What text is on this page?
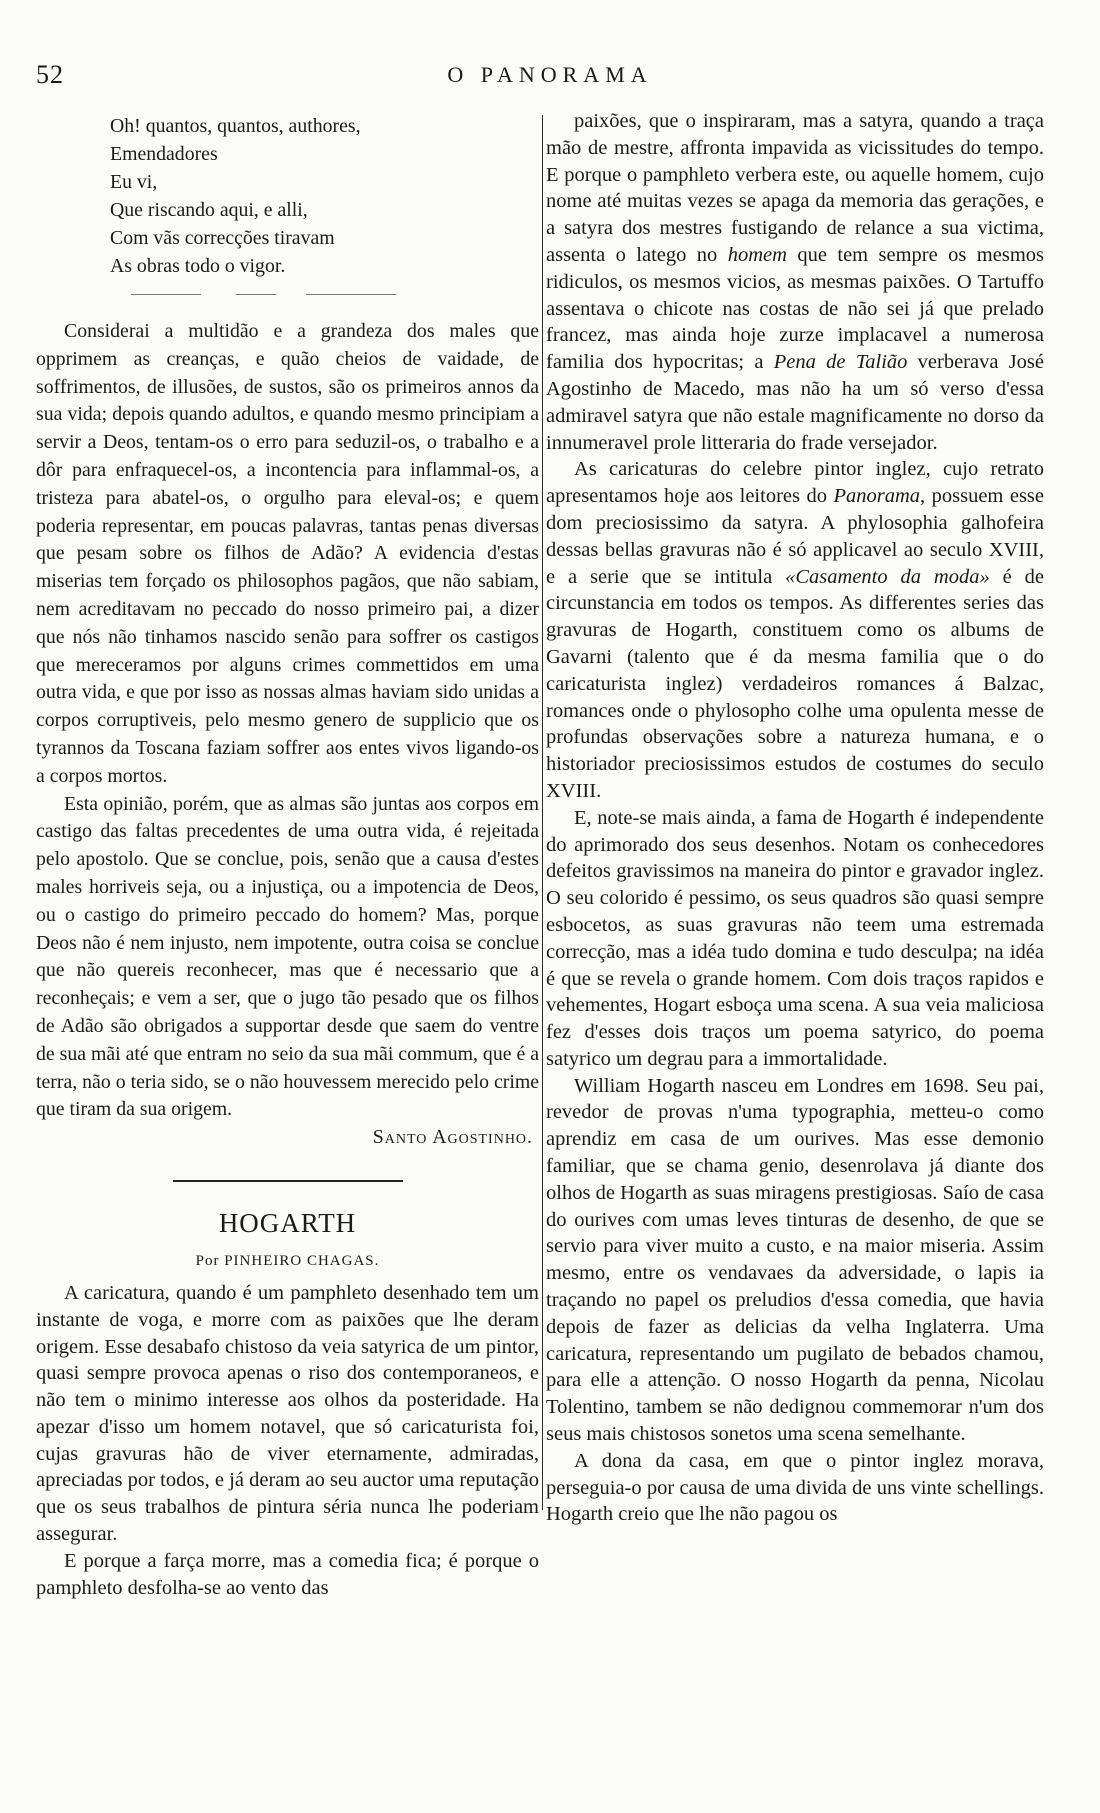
52	O PANORAMA
Oh! quantos, quantos, authores,
Emendadores
Eu vi,
Que riscando aqui, e alli,
Com vãs correcções tiravam
As obras todo o vigor.

Considerai a multidão e a grandeza dos males que opprimem as creanças, e quão cheios de vaidade, de soffrimentos, de illusões, de sustos, são os primeiros annos da sua vida; depois quando adultos, e quando mesmo principiam a servir a Deos, tentam-os o erro para seduzil-os, o trabalho e a dôr para enfraquecel-os, a incontencia para inflammal-os, a tristeza para abatel-os, o orgulho para eleval-os; e quem poderia representar, em poucas palavras, tantas penas diversas que pesam sobre os filhos de Adão? A evidencia d'estas miserias tem forçado os philosophos pagãos, que não sabiam, nem acreditavam no peccado do nosso primeiro pai, a dizer que nós não tinhamos nascido senão para soffrer os castigos que mereceramos por alguns crimes commettidos em uma outra vida, e que por isso as nossas almas haviam sido unidas a corpos corruptiveis, pelo mesmo genero de supplicio que os tyrannos da Toscana faziam soffrer aos entes vivos ligando-os a corpos mortos.

Esta opinião, porém, que as almas são juntas aos corpos em castigo das faltas precedentes de uma outra vida, é rejeitada pelo apostolo. Que se conclue, pois, senão que a causa d'estes males horriveis seja, ou a injustiça, ou a impotencia de Deos, ou o castigo do primeiro peccado do homem? Mas, porque Deos não é nem injusto, nem impotente, outra coisa se conclue que não quereis reconhecer, mas que é necessario que a reconheçais; e vem a ser, que o jugo tão pesado que os filhos de Adão são obrigados a supportar desde que saem do ventre de sua mãi até que entram no seio da sua mãi commum, que é a terra, não o teria sido, se o não houvessem merecido pelo crime que tiram da sua origem.

Santo Agostinho.
HOGARTH
Por PINHEIRO CHAGAS.

A caricatura, quando é um pamphleto desenhado tem um instante de voga, e morre com as paixões que lhe deram origem. Esse desabafo chistoso da veia satyrica de um pintor, quasi sempre provoca apenas o riso dos contemporaneos, e não tem o minimo interesse aos olhos da posteridade. Ha apezar d'isso um homem notavel, que só caricaturista foi, cujas gravuras hão de viver eternamente, admiradas, apreciadas por todos, e já deram ao seu auctor uma reputação que os seus trabalhos de pintura séria nunca lhe poderiam assegurar.

E porque a farça morre, mas a comedia fica; é porque o pamphleto desfolha-se ao vento das

paixões, que o inspiraram, mas a satyra, quando a traça mão de mestre, affronta impavida as vicissitudes do tempo. E porque o pamphleto verbera este, ou aquelle homem, cujo nome até muitas vezes se apaga da memoria das gerações, e a satyra dos mestres fustigando de relance a sua victima, assenta o latego no homem que tem sempre os mesmos ridiculos, os mesmos vicios, as mesmas paixões. O Tartuffo assentava o chicote nas costas de não sei já que prelado francez, mas ainda hoje zurze implacavel a numerosa familia dos hypocritas; a Pena de Talião verberava José Agostinho de Macedo, mas não ha um só verso d'essa admiravel satyra que não estale magnificamente no dorso da innumeravel prole litteraria do frade versejador.

As caricaturas do celebre pintor inglez, cujo retrato apresentamos hoje aos leitores do Panorama, possuem esse dom preciosissimo da satyra. A phylosophia galhofeira dessas bellas gravuras não é só applicavel ao seculo XVIII, e a serie que se intitula «Casamento da moda» é de circunstancia em todos os tempos. As differentes series das gravuras de Hogarth, constituem como os albums de Gavarni (talento que é da mesma familia que o do caricaturista inglez) verdadeiros romances á Balzac, romances onde o phylosopho colhe uma opulenta messe de profundas observações sobre a natureza humana, e o historiador preciosissimos estudos de costumes do seculo XVIII.

E, note-se mais ainda, a fama de Hogarth é independente do aprimorado dos seus desenhos. Notam os conhecedores defeitos gravissimos na maneira do pintor e gravador inglez. O seu colorido é pessimo, os seus quadros são quasi sempre esbocetos, as suas gravuras não teem uma estremada correcção, mas a idéa tudo domina e tudo desculpa; na idéa é que se revela o grande homem. Com dois traços rapidos e vehementes, Hogart esboça uma scena. A sua veia maliciosa fez d'esses dois traços um poema satyrico, do poema satyrico um degrau para a immortalidade.

William Hogarth nasceu em Londres em 1698. Seu pai, revedor de provas n'uma typographia, metteu-o como aprendiz em casa de um ourives. Mas esse demonio familiar, que se chama genio, desenrolava já diante dos olhos de Hogarth as suas miragens prestigiosas. Saío de casa do ourives com umas leves tinturas de desenho, de que se servio para viver muito a custo, e na maior miseria. Assim mesmo, entre os vendavaes da adversidade, o lapis ia traçando no papel os preludios d'essa comedia, que havia depois de fazer as delicias da velha Inglaterra. Uma caricatura, representando um pugilato de bebados chamou, para elle a attenção. O nosso Hogarth da penna, Nicolau Tolentino, tambem se não dedignou commemorar n'um dos seus mais chistosos sonetos uma scena semelhante.

A dona da casa, em que o pintor inglez morava, perseguia-o por causa de uma divida de uns vinte schellings. Hogarth creio que lhe não pagou os
